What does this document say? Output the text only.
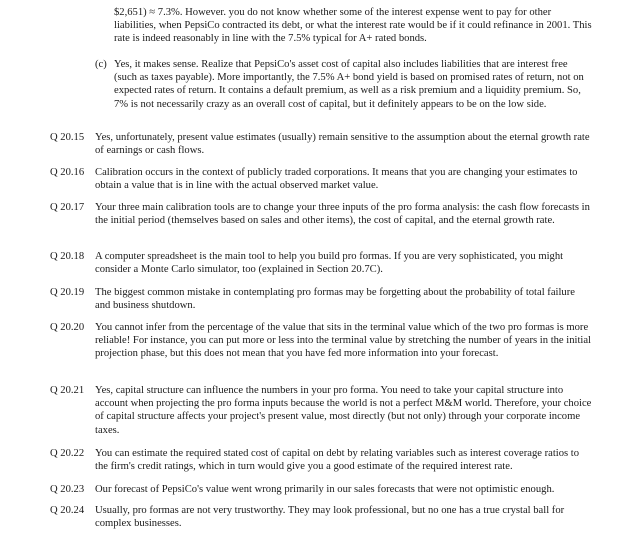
$2,651) ≈ 7.3%. However. you do not know whether some of the interest expense went to pay for other liabilities, when PepsiCo contracted its debt, or what the interest rate would be if it could refinance in 2001. This rate is indeed reasonably in line with the 7.5% typical for A+ rated bonds.

(c) Yes, it makes sense. Realize that PepsiCo's asset cost of capital also includes liabilities that are interest free (such as taxes payable). More importantly, the 7.5% A+ bond yield is based on promised rates of return, not on expected rates of return. It contains a default premium, as well as a risk premium and a liquidity premium. So, 7% is not necessarily crazy as an overall cost of capital, but it definitely appears to be on the low side.

Q 20.15 Yes, unfortunately, present value estimates (usually) remain sensitive to the assumption about the eternal growth rate of earnings or cash flows.

Q 20.16 Calibration occurs in the context of publicly traded corporations. It means that you are changing your estimates to obtain a value that is in line with the actual observed market value.

Q 20.17 Your three main calibration tools are to change your three inputs of the pro forma analysis: the cash flow forecasts in the initial period (themselves based on sales and other items), the cost of capital, and the eternal growth rate.

Q 20.18 A computer spreadsheet is the main tool to help you build pro formas. If you are very sophisticated, you might consider a Monte Carlo simulator, too (explained in Section 20.7C).

Q 20.19 The biggest common mistake in contemplating pro formas may be forgetting about the probability of total failure and business shutdown.

Q 20.20 You cannot infer from the percentage of the value that sits in the terminal value which of the two pro formas is more reliable! For instance, you can put more or less into the terminal value by stretching the number of years in the initial projection phase, but this does not mean that you have fed more information into your forecast.

Q 20.21 Yes, capital structure can influence the numbers in your pro forma. You need to take your capital structure into account when projecting the pro forma inputs because the world is not a perfect M&M world. Therefore, your choice of capital structure affects your project's present value, most directly (but not only) through your corporate income taxes.

Q 20.22 You can estimate the required stated cost of capital on debt by relating variables such as interest coverage ratios to the firm's credit ratings, which in turn would give you a good estimate of the required interest rate.

Q 20.23 Our forecast of PepsiCo's value went wrong primarily in our sales forecasts that were not optimistic enough.

Q 20.24 Usually, pro formas are not very trustworthy. They may look professional, but no one has a true crystal ball for complex businesses.
